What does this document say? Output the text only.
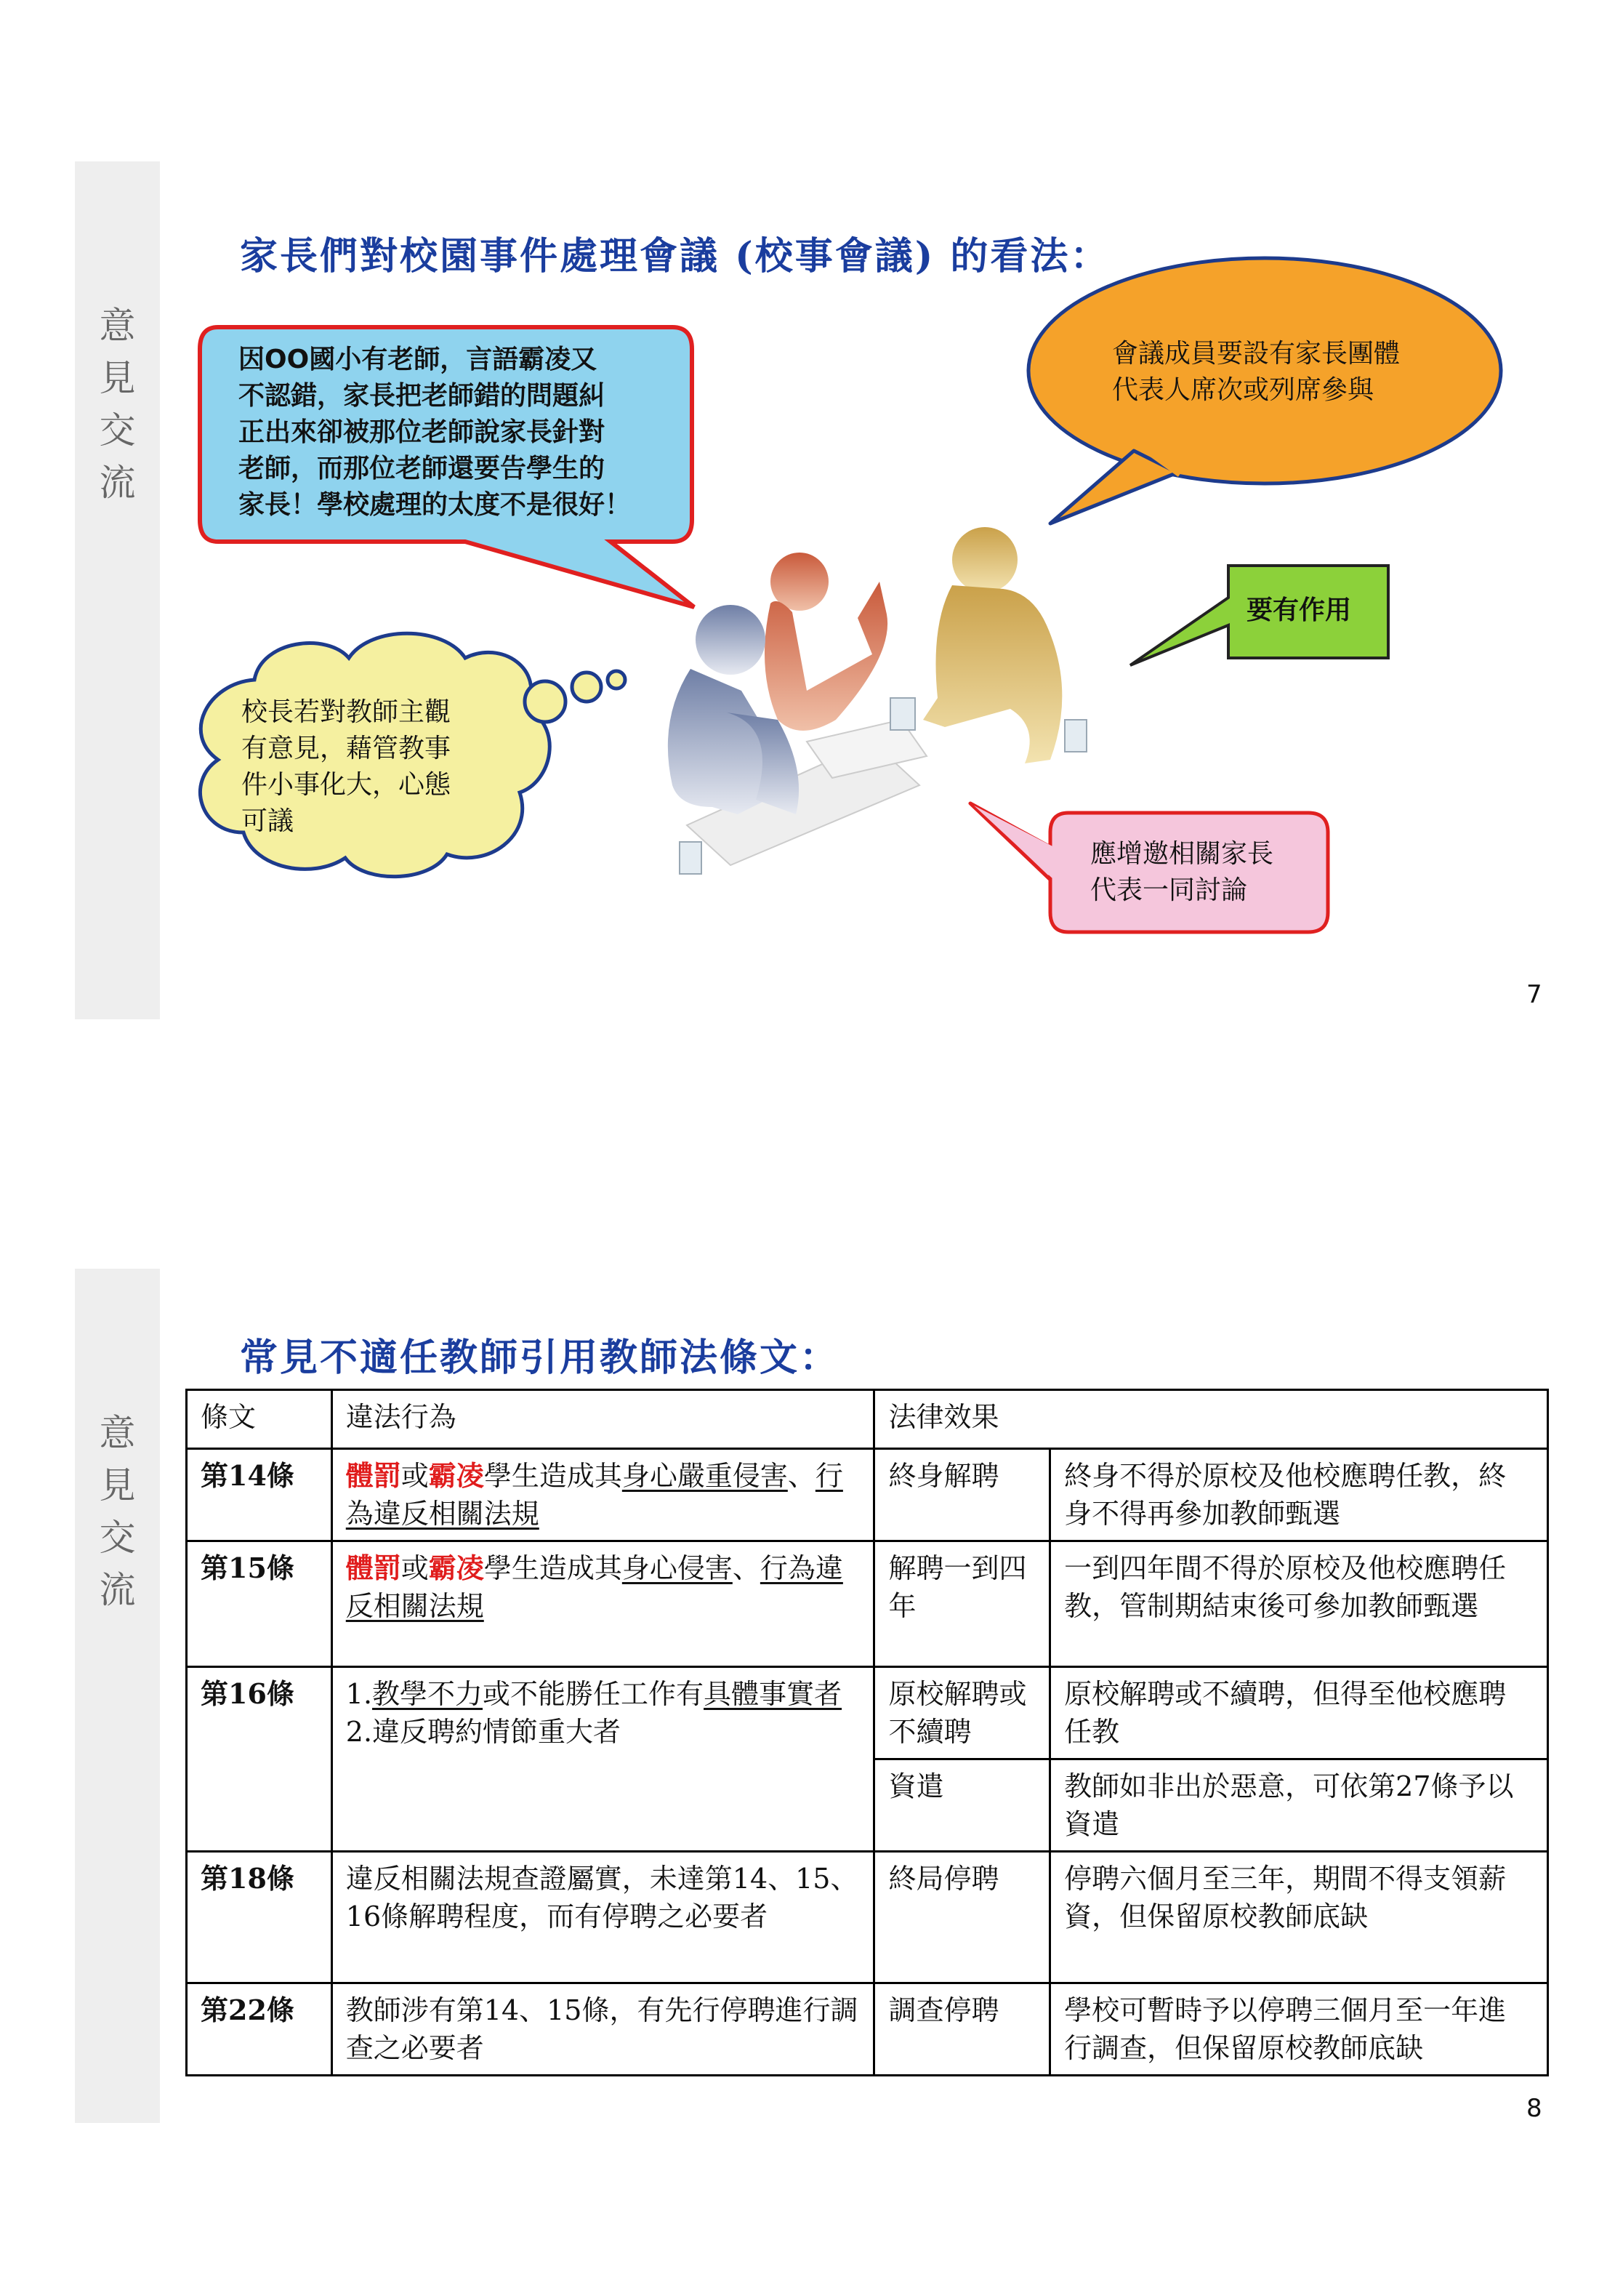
意
見
交
流
家長們對校園事件處理會議 (校事會議) 的看法：
因OO國小有老師，言語霸凌又
不認錯，家長把老師錯的問題糾
正出來卻被那位老師說家長針對
老師，而那位老師還要告學生的
家長！學校處理的太度不是很好！
會議成員要設有家長團體
代表人席次或列席參與
要有作用
校長若對教師主觀
有意見，藉管教事
件小事化大，心態
可議
應增邀相關家長
代表一同討論
7
意
見
交
流
常見不適任教師引用教師法條文：
條文	違法行為	法律效果	
第14條	體罰或霸凌學生造成其身心嚴重侵害、行為違反相關法規	終身解聘	終身不得於原校及他校應聘任教，終身不得再參加教師甄選
第15條	體罰或霸凌學生造成其身心侵害、行為違反相關法規	解聘一到四年	一到四年間不得於原校及他校應聘任教，管制期結束後可參加教師甄選
第16條	1.教學不力或不能勝任工作有具體事實者
2.違反聘約情節重大者	原校解聘或不續聘	原校解聘或不續聘，但得至他校應聘任教
		資遣	教師如非出於惡意，可依第27條予以資遣
第18條	違反相關法規查證屬實，未達第14、15、16條解聘程度，而有停聘之必要者	終局停聘	停聘六個月至三年，期間不得支領薪資，但保留原校教師底缺
第22條	教師涉有第14、15條，有先行停聘進行調查之必要者	調查停聘	學校可暫時予以停聘三個月至一年進行調查，但保留原校教師底缺
8
